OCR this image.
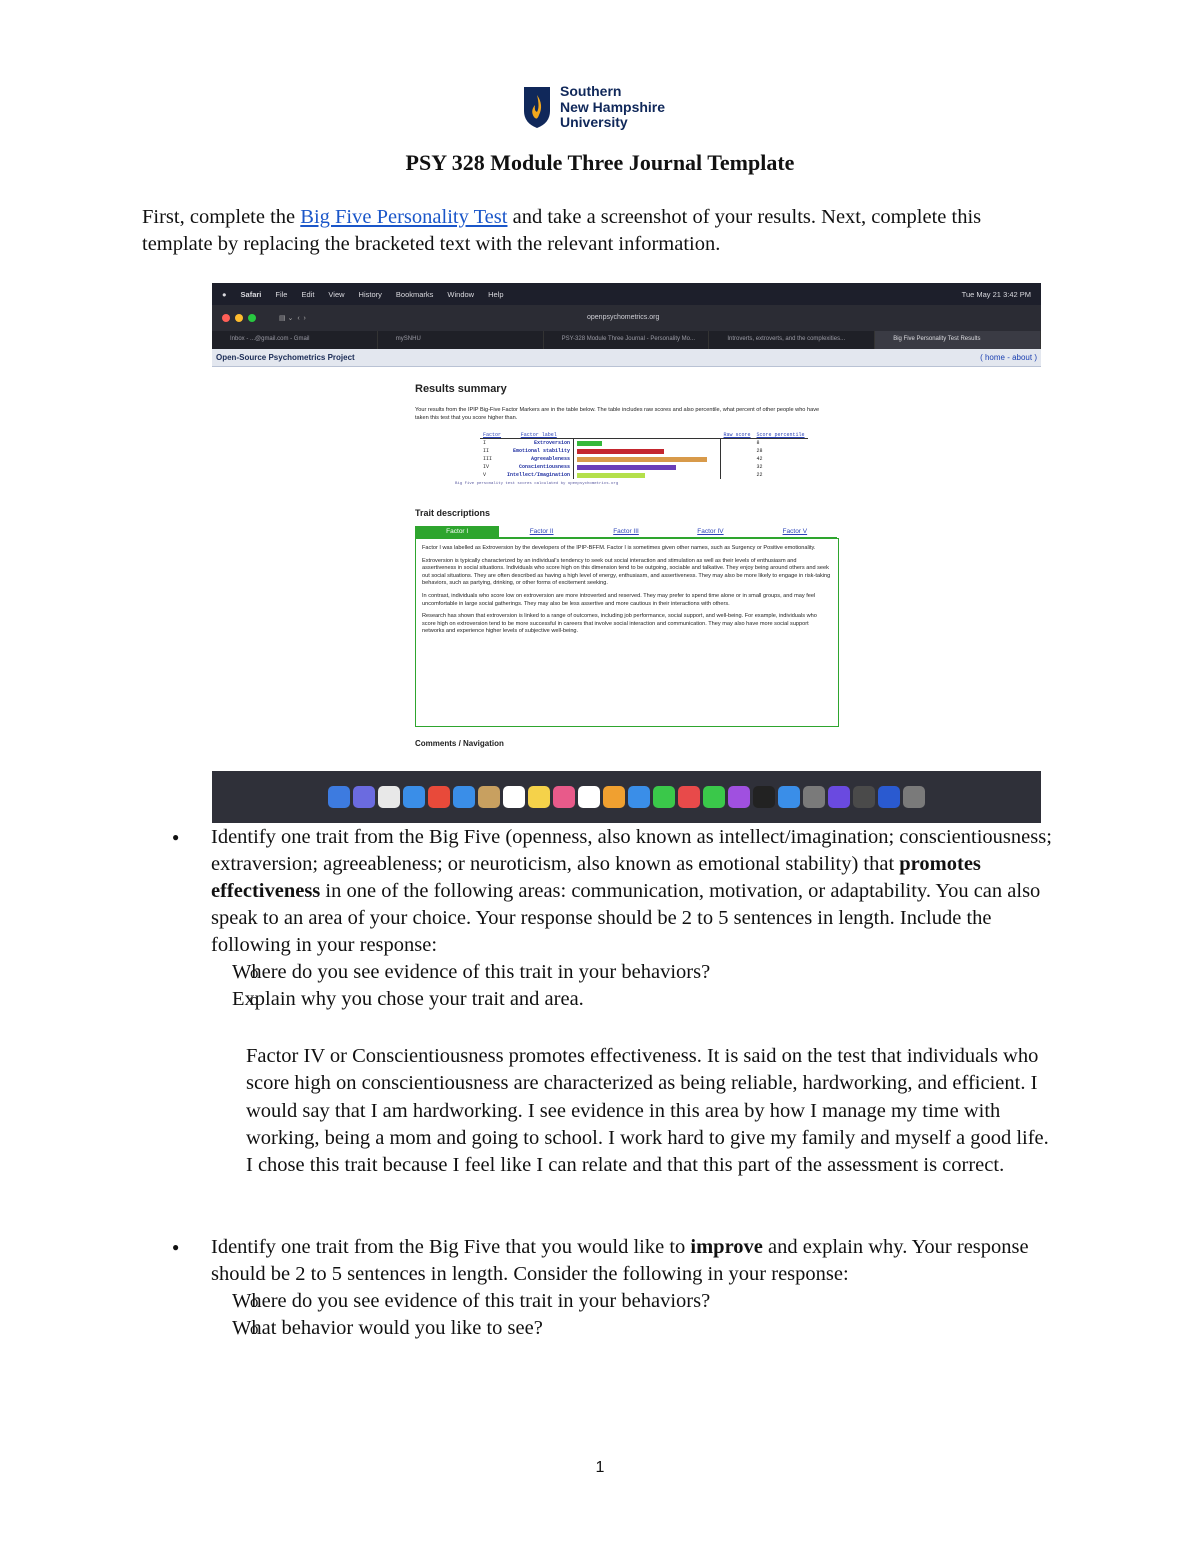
Southern
New Hampshire
University
PSY 328 Module Three Journal Template
First, complete the Big Five Personality Test and take a screenshot of your results. Next, complete this template by replacing the bracketed text with the relevant information.
● Safari File Edit View History Bookmarks Window Help	Tue May 21 3:42 PM
▤ ⌄  ‹  ›	openpsychometrics.org
Inbox - ...@gmail.com - Gmail	mySNHU	PSY-328 Module Three Journal - Personality Mo...	Introverts, extroverts, and the complexities...	Big Five Personality Test Results
Open-Source Psychometrics Project	( home - about )
Results summary
Your results from the IPIP Big-Five Factor Markers are in the table below. The table includes raw scores and also percentile, what percent of other people who have taken this test that you score higher than.
Factor	Factor label		Raw score	Score percentile
I	Extroversion			8
II	Emotional stability			28
III	Agreeableness			42
IV	Conscientiousness			32
V	Intellect/Imagination			22
Big Five personality test scores calculated by openpsychometrics.org
Trait descriptions
Factor I	Factor II	Factor III	Factor IV	Factor V

Factor I was labelled as Extroversion by the developers of the IPIP-BFFM. Factor I is sometimes given other names, such as Surgency or Positive emotionality.

Extroversion is typically characterized by an individual's tendency to seek out social interaction and stimulation as well as their levels of enthusiasm and assertiveness in social situations. Individuals who score high on this dimension tend to be outgoing, sociable and talkative. They enjoy being around others and seek out social situations. They are often described as having a high level of energy, enthusiasm, and assertiveness. They may also be more likely to engage in risk-taking behaviors, such as partying, drinking, or other forms of excitement seeking.

In contrast, individuals who score low on extroversion are more introverted and reserved. They may prefer to spend time alone or in small groups, and may feel uncomfortable in large social gatherings. They may also be less assertive and more cautious in their interactions with others.

Research has shown that extroversion is linked to a range of outcomes, including job performance, social support, and well-being. For example, individuals who score high on extroversion tend to be more successful in careers that involve social interaction and communication. They may also have more social support networks and experience higher levels of subjective well-being.

Comments / Navigation
● Identify one trait from the Big Five (openness, also known as intellect/imagination; conscientiousness; extraversion; agreeableness; or neuroticism, also known as emotional stability) that promotes effectiveness in one of the following areas: communication, motivation, or adaptability. You can also speak to an area of your choice. Your response should be 2 to 5 sentences in length. Include the following in your response:
o Where do you see evidence of this trait in your behaviors?
o Explain why you chose your trait and area.
Factor IV or Conscientiousness promotes effectiveness. It is said on the test that individuals who score high on conscientiousness are characterized as being reliable, hardworking, and efficient. I would say that I am hardworking. I see evidence in this area by how I manage my time with working, being a mom and going to school. I work hard to give my family and myself a good life. I chose this trait because I feel like I can relate and that this part of the assessment is correct.
● Identify one trait from the Big Five that you would like to improve and explain why. Your response should be 2 to 5 sentences in length. Consider the following in your response:
o Where do you see evidence of this trait in your behaviors?
o What behavior would you like to see?
1
